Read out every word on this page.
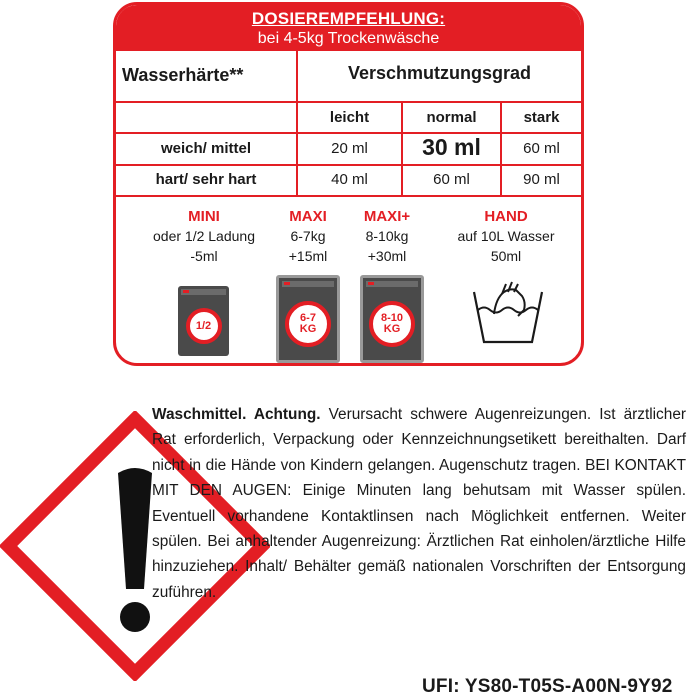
DOSIEREMPFEHLUNG:
bei 4-5kg Trockenwäsche
Wasserhärte**	Verschmutzungsgrad
leicht	normal	stark
weich/ mittel	20 ml	30 ml	60 ml
hart/ sehr hart	40 ml	60 ml	90 ml
MINI
oder 1/2 Ladung
-5ml
1/2
MAXI
6-7kg
+15ml
6-7
KG
MAXI+
8-10kg
+30ml
8-10
KG
HAND
auf 10L Wasser
50ml
Waschmittel. Achtung. Verursacht schwere Augenreizungen. Ist ärztlicher Rat erforderlich, Verpackung oder Kennzeichnungsetikett bereithalten. Darf nicht in die Hände von Kindern gelangen. Augenschutz tragen. BEI KONTAKT MIT DEN AUGEN: Einige Minuten lang behutsam mit Wasser spülen. Eventuell vorhandene Kontaktlinsen nach Möglichkeit entfernen. Weiter spülen. Bei anhaltender Augenreizung: Ärztlichen Rat einholen/ärztliche Hilfe hinzuziehen. Inhalt/ Behälter gemäß nationalen Vorschriften der Entsorgung zuführen.
UFI: YS80-T05S-A00N-9Y92
